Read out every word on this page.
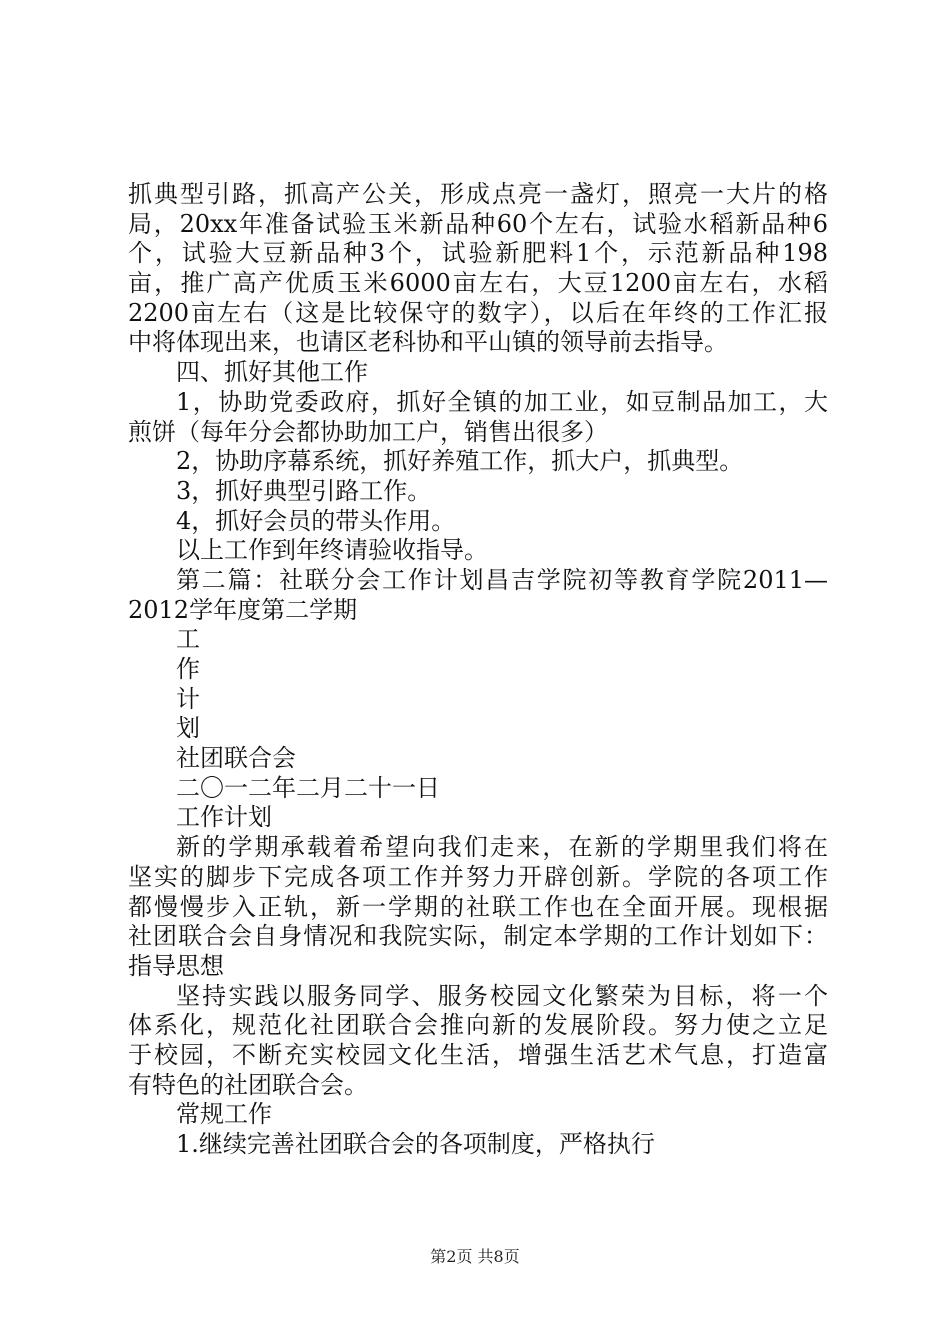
抓典型引路，抓高产公关，形成点亮一盏灯，照亮一大片的格
局，20xx年准备试验玉米新品种60个左右，试验水稻新品种6
个，试验大豆新品种3个，试验新肥料1个，示范新品种198
亩，推广高产优质玉米6000亩左右，大豆1200亩左右，水稻
2200亩左右（这是比较保守的数字），以后在年终的工作汇报
中将体现出来，也请区老科协和平山镇的领导前去指导。
四、抓好其他工作
1，协助党委政府，抓好全镇的加工业，如豆制品加工，大
煎饼（每年分会都协助加工户，销售出很多）
2，协助序幕系统，抓好养殖工作，抓大户，抓典型。
3，抓好典型引路工作。
4，抓好会员的带头作用。
以上工作到年终请验收指导。
第二篇：社联分会工作计划昌吉学院初等教育学院2011—
2012学年度第二学期
工
作
计
划
社团联合会
二〇一二年二月二十一日
工作计划
新的学期承载着希望向我们走来，在新的学期里我们将在
坚实的脚步下完成各项工作并努力开辟创新。学院的各项工作
都慢慢步入正轨，新一学期的社联工作也在全面开展。现根据
社团联合会自身情况和我院实际，制定本学期的工作计划如下：
指导思想
坚持实践以服务同学、服务校园文化繁荣为目标，将一个
体系化，规范化社团联合会推向新的发展阶段。努力使之立足
于校园，不断充实校园文化生活，增强生活艺术气息，打造富
有特色的社团联合会。
常规工作
1.继续完善社团联合会的各项制度，严格执行
第2页 共8页
